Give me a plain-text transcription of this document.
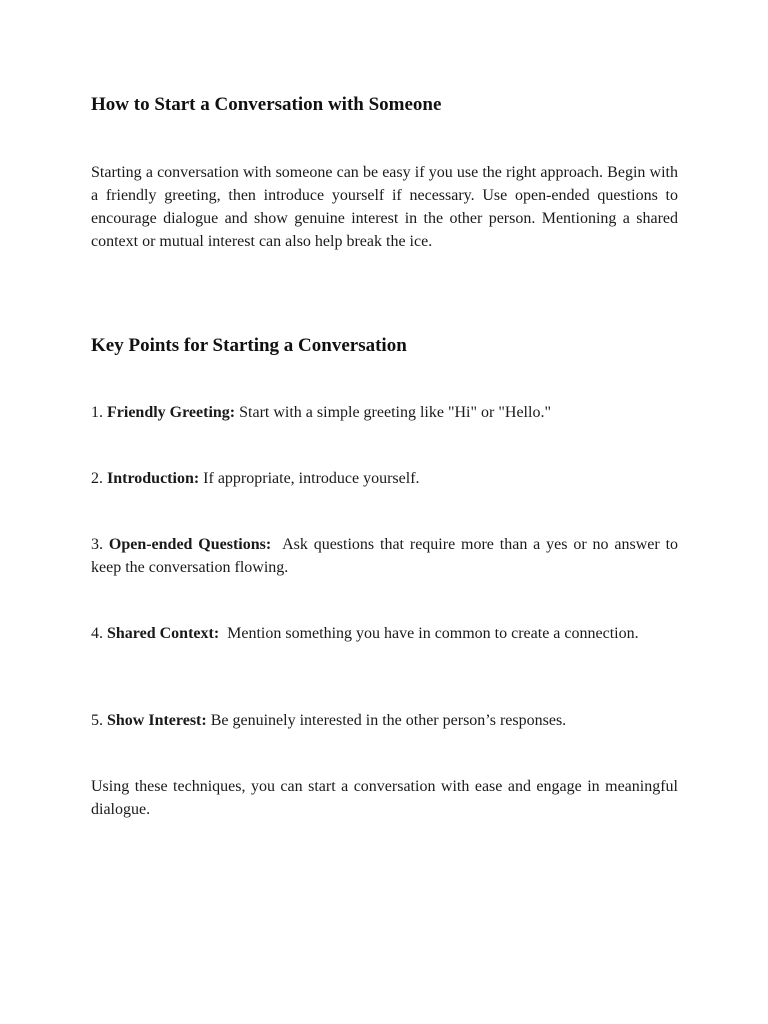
How to Start a Conversation with Someone

Starting a conversation with someone can be easy if you use the right approach. Begin with a friendly greeting, then introduce yourself if necessary. Use open-ended questions to encourage dialogue and show genuine interest in the other person. Mentioning a shared context or mutual interest can also help break the ice.

Key Points for Starting a Conversation

1. Friendly Greeting: Start with a simple greeting like "Hi" or "Hello."

2. Introduction: If appropriate, introduce yourself.

3. Open-ended Questions: Ask questions that require more than a yes or no answer to keep the conversation flowing.

4. Shared Context: Mention something you have in common to create a connection.

5. Show Interest: Be genuinely interested in the other person’s responses.

Using these techniques, you can start a conversation with ease and engage in meaningful dialogue.
